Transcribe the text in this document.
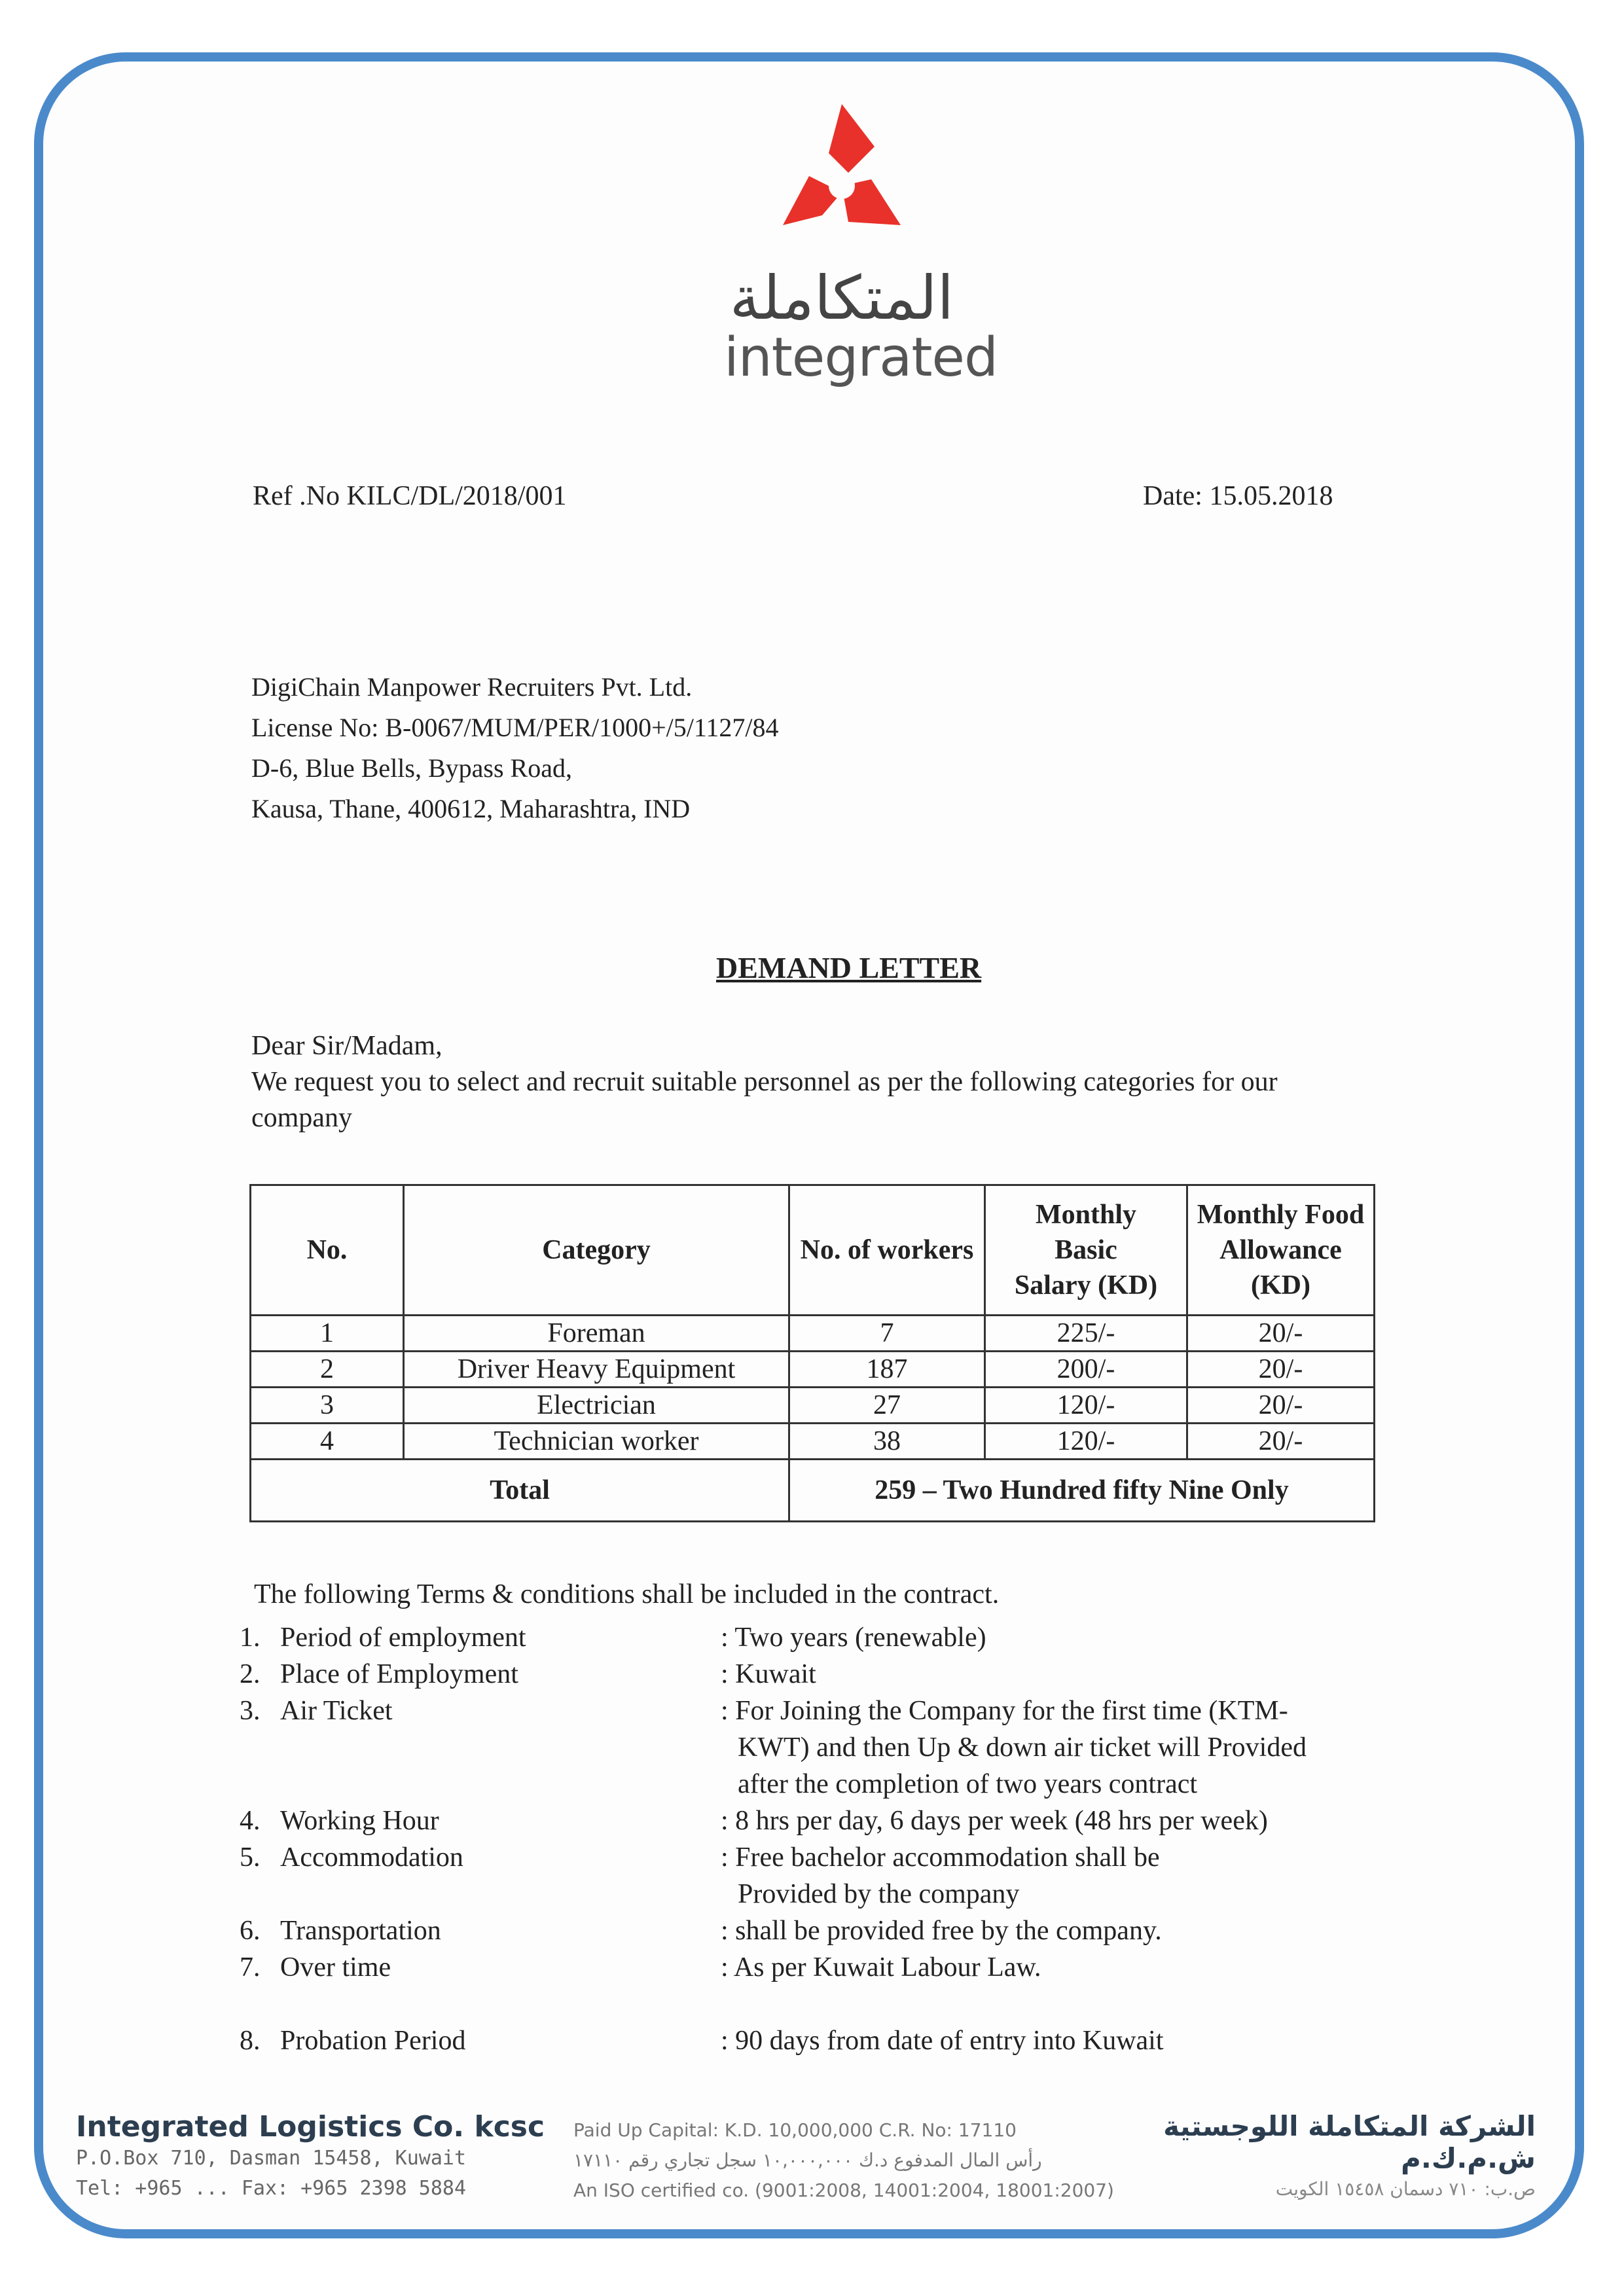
المتكاملة
integrated
Ref .No KILC/DL/2018/001	Date: 15.05.2018
DigiChain Manpower Recruiters Pvt. Ltd.
License No: B-0067/MUM/PER/1000+/5/1127/84
D-6, Blue Bells, Bypass Road,
Kausa, Thane, 400612, Maharashtra, IND
DEMAND LETTER
Dear Sir/Madam,
We request you to select and recruit suitable personnel as per the following categories for our
company
No.	Category	No. of workers	Monthly
Basic
Salary (KD)	Monthly Food
Allowance
(KD)
1	Foreman	7	225/-	20/-
2	Driver Heavy Equipment	187	200/-	20/-
3	Electrician	27	120/-	20/-
4	Technician worker	38	120/-	20/-
Total		259 – Two Hundred fifty Nine Only		
The following Terms & conditions shall be included in the contract.
1. Period of employment	: Two years (renewable)
2. Place of Employment	: Kuwait
3. Air Ticket	: For Joining the Company for the first time (KTM-KWT) and then Up & down air ticket will Provided after the completion of two years contract
4. Working Hour	: 8 hrs per day, 6 days per week (48 hrs per week)
5. Accommodation	: Free bachelor accommodation shall be Provided by the company
6. Transportation	: shall be provided free by the company.
7. Over time	: As per Kuwait Labour Law.
8. Probation Period	: 90 days from date of entry into Kuwait
Integrated Logistics Co. kcsc
P.O.Box 710, Dasman 15458, Kuwait
Tel: +965 ... Fax: +965 2398 5884
Paid Up Capital: K.D. 10,000,000 C.R. No: 17110
رأس المال المدفوع د.ك ١٠,٠٠٠,٠٠٠ سجل تجاري رقم ١٧١١٠
An ISO certified co. (9001:2008, 14001:2004, 18001:2007)
الشركة المتكاملة اللوجستية ش.م.ك.م
ص.ب: ٧١٠ دسمان ١٥٤٥٨ الكويت
